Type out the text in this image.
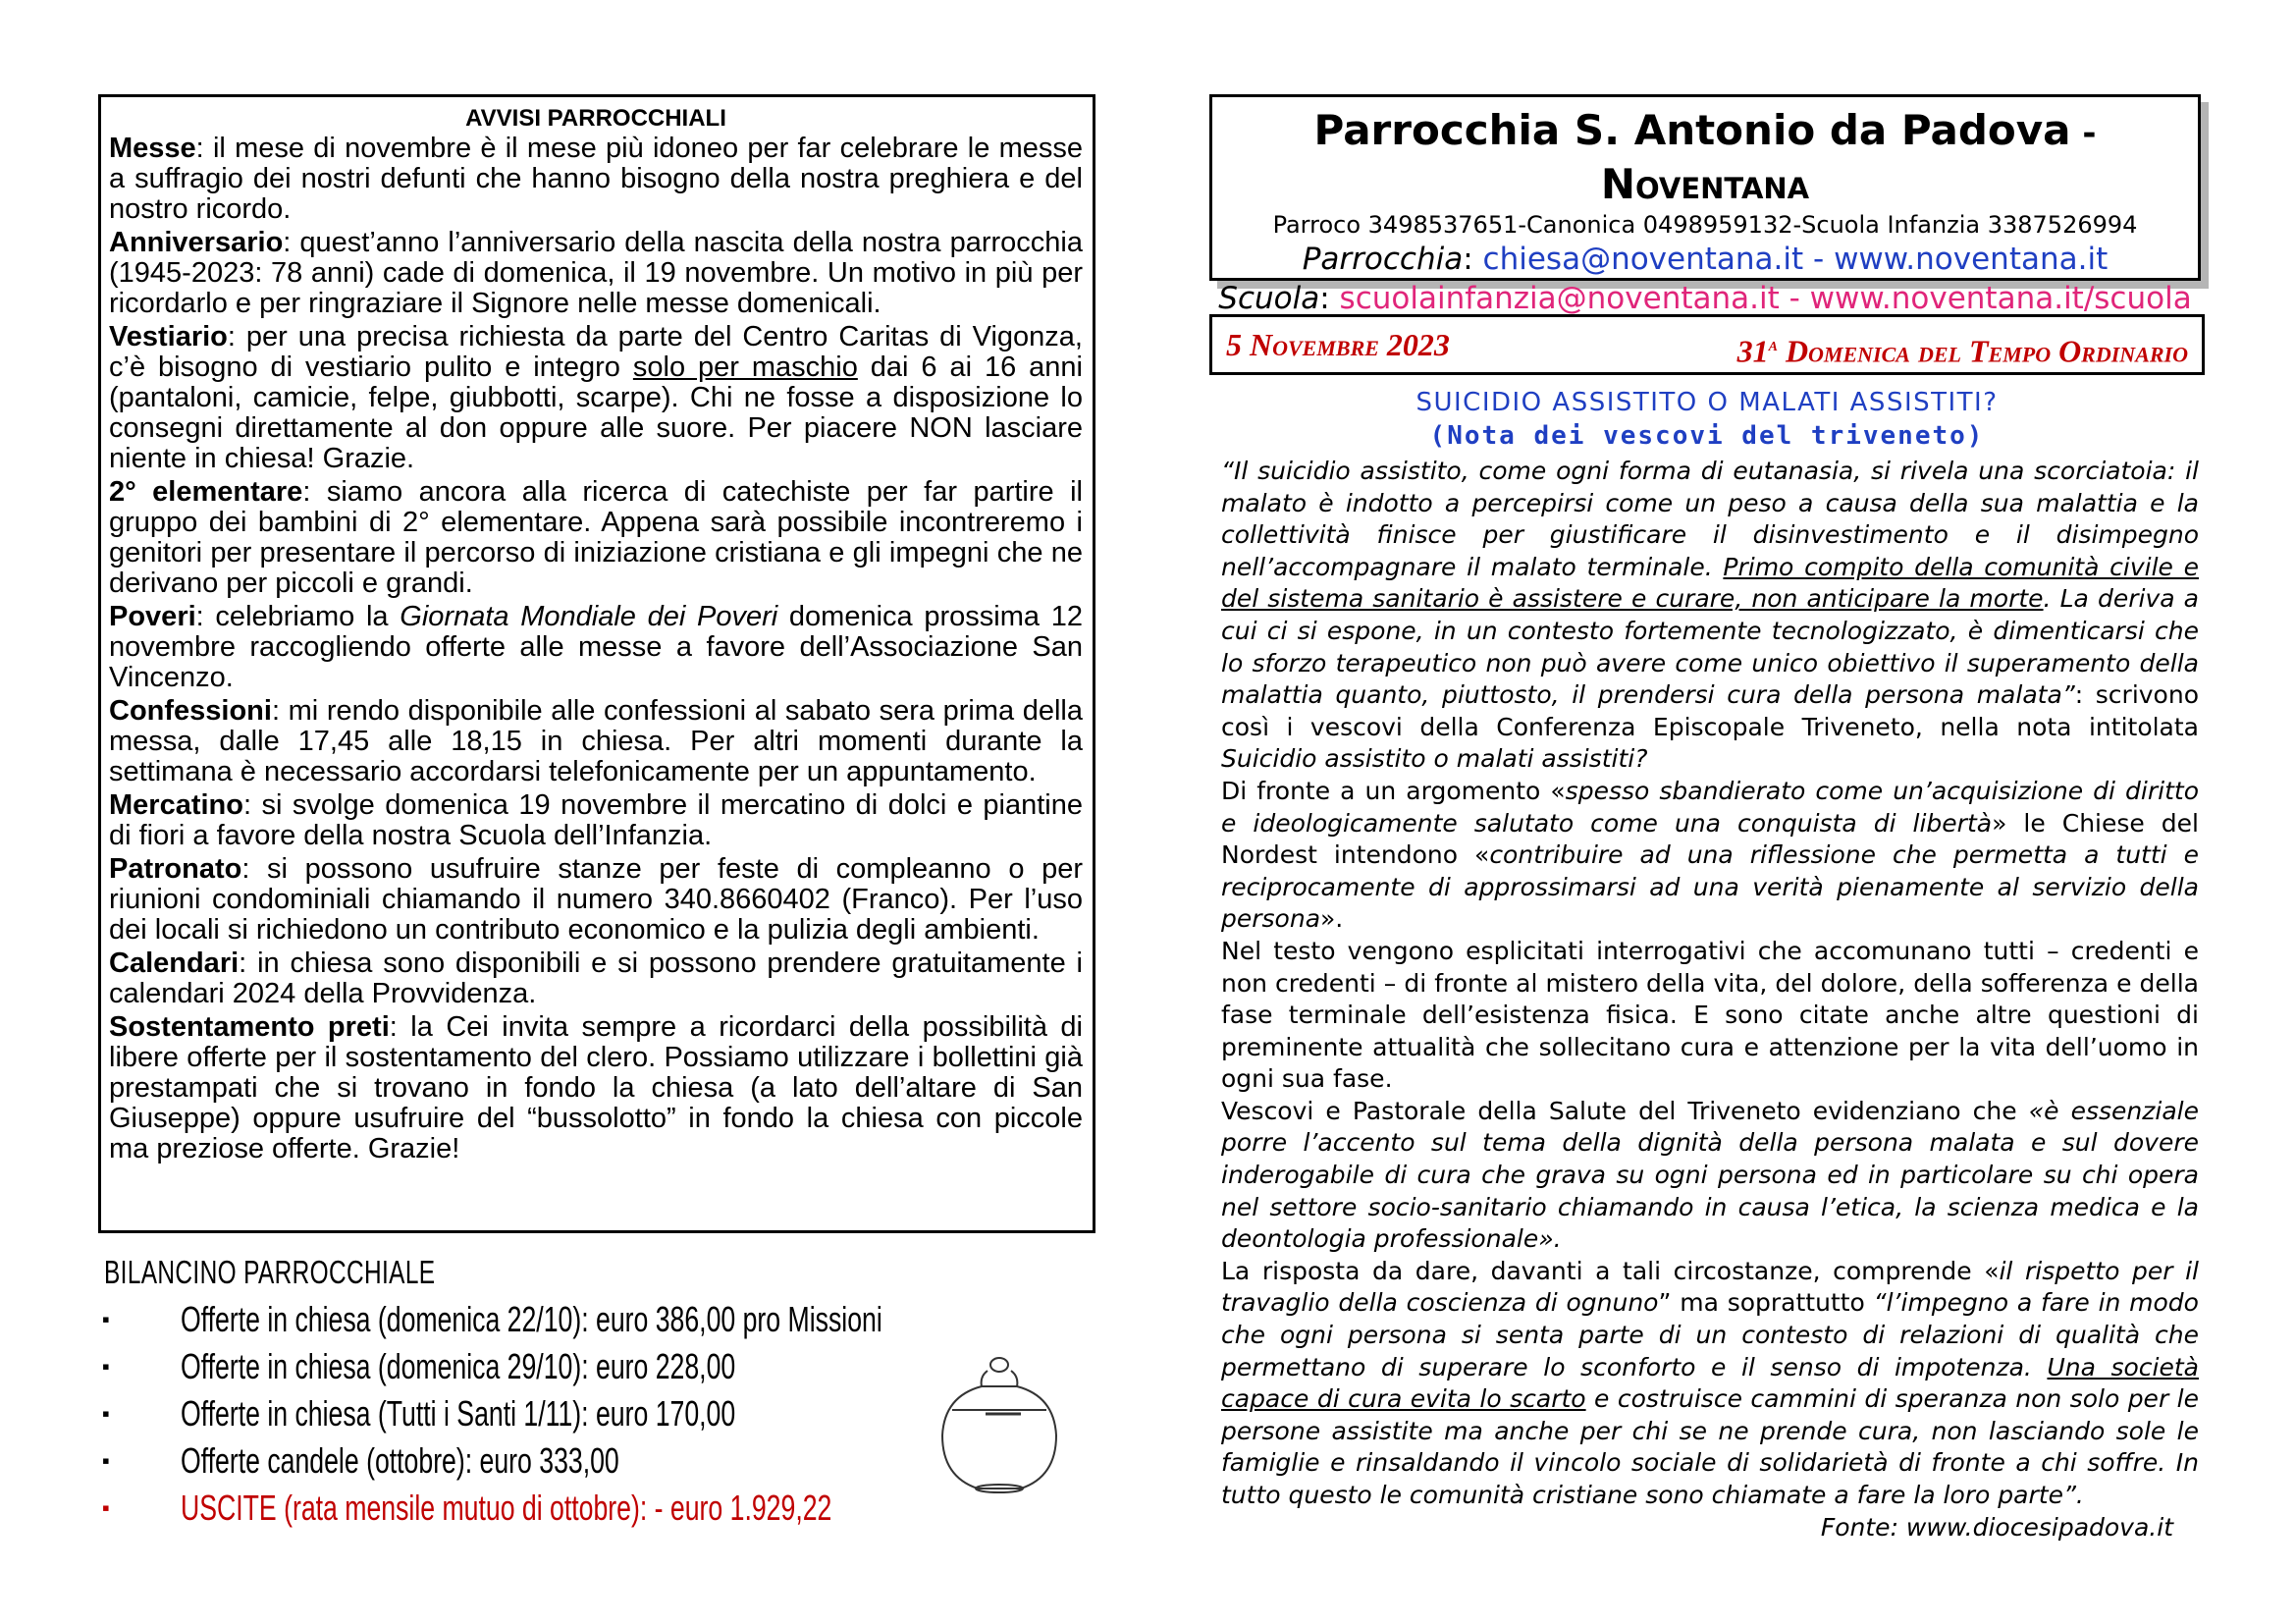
AVVISI PARROCCHIALI

Messe: il mese di novembre è il mese più idoneo per far celebrare le messe a suffragio dei nostri defunti che hanno bisogno della nostra preghiera e del nostro ricordo.

Anniversario: quest’anno l’anniversario della nascita della nostra parrocchia (1945-2023: 78 anni) cade di domenica, il 19 novembre. Un motivo in più per ricordarlo e per ringraziare il Signore nelle messe domenicali.

Vestiario: per una precisa richiesta da parte del Centro Caritas di Vigonza, c’è bisogno di vestiario pulito e integro solo per maschio dai 6 ai 16 anni (pantaloni, camicie, felpe, giubbotti, scarpe). Chi ne fosse a disposizione lo consegni direttamente al don oppure alle suore. Per piacere NON lasciare niente in chiesa! Grazie.

2° elementare: siamo ancora alla ricerca di catechiste per far partire il gruppo dei bambini di 2° elementare. Appena sarà possibile incontreremo i genitori per presentare il percorso di iniziazione cristiana e gli impegni che ne derivano per piccoli e grandi.

Poveri: celebriamo la Giornata Mondiale dei Poveri domenica prossima 12 novembre raccogliendo offerte alle messe a favore dell’Associazione San Vincenzo.

Confessioni: mi rendo disponibile alle confessioni al sabato sera prima della messa, dalle 17,45 alle 18,15 in chiesa. Per altri momenti durante la settimana è necessario accordarsi telefonicamente per un appuntamento.

Mercatino: si svolge domenica 19 novembre il mercatino di dolci e piantine di fiori a favore della nostra Scuola dell’Infanzia.

Patronato: si possono usufruire stanze per feste di compleanno o per riunioni condominiali chiamando il numero 340.8660402 (Franco). Per l’uso dei locali si richiedono un contributo economico e la pulizia degli ambienti.

Calendari: in chiesa sono disponibili e si possono prendere gratuitamente i calendari 2024 della Provvidenza.

Sostentamento preti: la Cei invita sempre a ricordarci della possibilità di libere offerte per il sostentamento del clero. Possiamo utilizzare i bollettini già prestampati che si trovano in fondo la chiesa (a lato dell’altare di San Giuseppe) oppure usufruire del “bussolotto” in fondo la chiesa con piccole ma preziose offerte. Grazie!

BILANCINO PARROCCHIALE
▪ Offerte in chiesa (domenica 22/10): euro 386,00 pro Missioni
▪ Offerte in chiesa (domenica 29/10): euro 228,00
▪ Offerte in chiesa (Tutti i Santi 1/11): euro 170,00
▪ Offerte candele (ottobre): euro 333,00
▪ USCITE (rata mensile mutuo di ottobre): - euro 1.929,22
Parrocchia S. Antonio da Padova - Noventana
Parroco 3498537651-Canonica 0498959132-Scuola Infanzia 3387526994
Parrocchia: chiesa@noventana.it - www.noventana.it
Scuola: scuolainfanzia@noventana.it - www.noventana.it/scuola
5 Novembre 2023	31$^a$ Domenica del Tempo Ordinario
SUICIDIO ASSISTITO O MALATI ASSISTITI?
(Nota dei vescovi del triveneto)

“Il suicidio assistito, come ogni forma di eutanasia, si rivela una scorciatoia: il malato è indotto a percepirsi come un peso a causa della sua malattia e la collettività finisce per giustificare il disinvestimento e il disimpegno nell’accompagnare il malato terminale. Primo compito della comunità civile e del sistema sanitario è assistere e curare, non anticipare la morte. La deriva a cui ci si espone, in un contesto fortemente tecnologizzato, è dimenticarsi che lo sforzo terapeutico non può avere come unico obiettivo il superamento della malattia quanto, piuttosto, il prendersi cura della persona malata”: scrivono così i vescovi della Conferenza Episcopale Triveneto, nella nota intitolata Suicidio assistito o malati assistiti?

Di fronte a un argomento «spesso sbandierato come un’acquisizione di diritto e ideologicamente salutato come una conquista di libertà» le Chiese del Nordest intendono «contribuire ad una riflessione che permetta a tutti e reciprocamente di approssimarsi ad una verità pienamente al servizio della persona».

Nel testo vengono esplicitati interrogativi che accomunano tutti – credenti e non credenti – di fronte al mistero della vita, del dolore, della sofferenza e della fase terminale dell’esistenza fisica. E sono citate anche altre questioni di preminente attualità che sollecitano cura e attenzione per la vita dell’uomo in ogni sua fase.

Vescovi e Pastorale della Salute del Triveneto evidenziano che «è essenziale porre l’accento sul tema della dignità della persona malata e sul dovere inderogabile di cura che grava su ogni persona ed in particolare su chi opera nel settore socio-sanitario chiamando in causa l’etica, la scienza medica e la deontologia professionale».

La risposta da dare, davanti a tali circostanze, comprende «il rispetto per il travaglio della coscienza di ognuno” ma soprattutto “l’impegno a fare in modo che ogni persona si senta parte di un contesto di relazioni di qualità che permettano di superare lo sconforto e il senso di impotenza. Una società capace di cura evita lo scarto e costruisce cammini di speranza non solo per le persone assistite ma anche per chi se ne prende cura, non lasciando sole le famiglie e rinsaldando il vincolo sociale di solidarietà di fronte a chi soffre. In tutto questo le comunità cristiane sono chiamate a fare la loro parte”.
Fonte: www.diocesipadova.it
